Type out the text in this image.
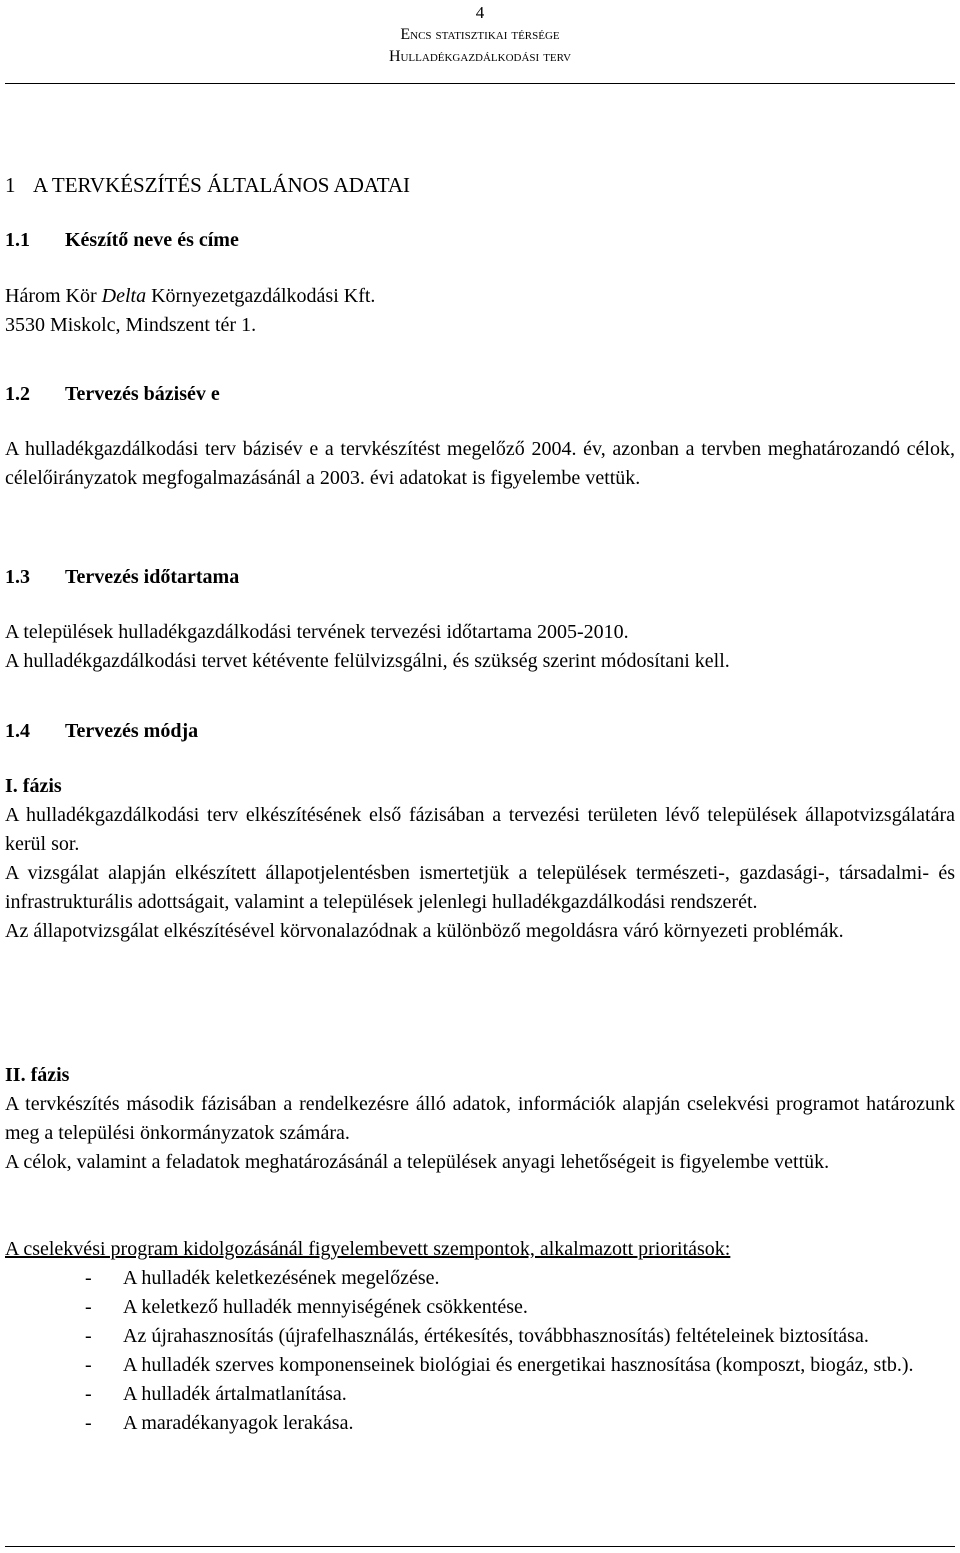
4
Encs statisztikai térsége
Hulladékgazdálkodási terv
1 A TERVKÉSZÍTÉS ÁLTALÁNOS ADATAI
1.1 Készítő neve és címe

Három Kör Delta Környezetgazdálkodási Kft.

3530 Miskolc, Mindszent tér 1.

1.2 Tervezés bázisév e

A hulladékgazdálkodási terv bázisév e a tervkészítést megelőző 2004. év, azonban a tervben meghatározandó célok, célelőirányzatok megfogalmazásánál a 2003. évi adatokat is figyelembe vettük.

1.3 Tervezés időtartama

A települések hulladékgazdálkodási tervének tervezési időtartama 2005-2010.

A hulladékgazdálkodási tervet kétévente felülvizsgálni, és szükség szerint módosítani kell.

1.4 Tervezés módja

I. fázis

A hulladékgazdálkodási terv elkészítésének első fázisában a tervezési területen lévő települések állapotvizsgálatára kerül sor.

A vizsgálat alapján elkészített állapotjelentésben ismertetjük a települések természeti-, gazdasági-, társadalmi- és infrastrukturális adottságait, valamint a települések jelenlegi hulladékgazdálkodási rendszerét.

Az állapotvizsgálat elkészítésével körvonalazódnak a különböző megoldásra váró környezeti problémák.

II. fázis

A tervkészítés második fázisában a rendelkezésre álló adatok, információk alapján cselekvési programot határozunk meg a települési önkormányzatok számára.

A célok, valamint a feladatok meghatározásánál a települések anyagi lehetőségeit is figyelembe vettük.

A cselekvési program kidolgozásánál figyelembevett szempontok, alkalmazott prioritások:

- A hulladék keletkezésének megelőzése.
- A keletkező hulladék mennyiségének csökkentése.
- Az újrahasznosítás (újrafelhasználás, értékesítés, továbbhasznosítás) feltételeinek biztosítása.
- A hulladék szerves komponenseinek biológiai és energetikai hasznosítása (komposzt, biogáz, stb.).
- A hulladék ártalmatlanítása.
- A maradékanyagok lerakása.
